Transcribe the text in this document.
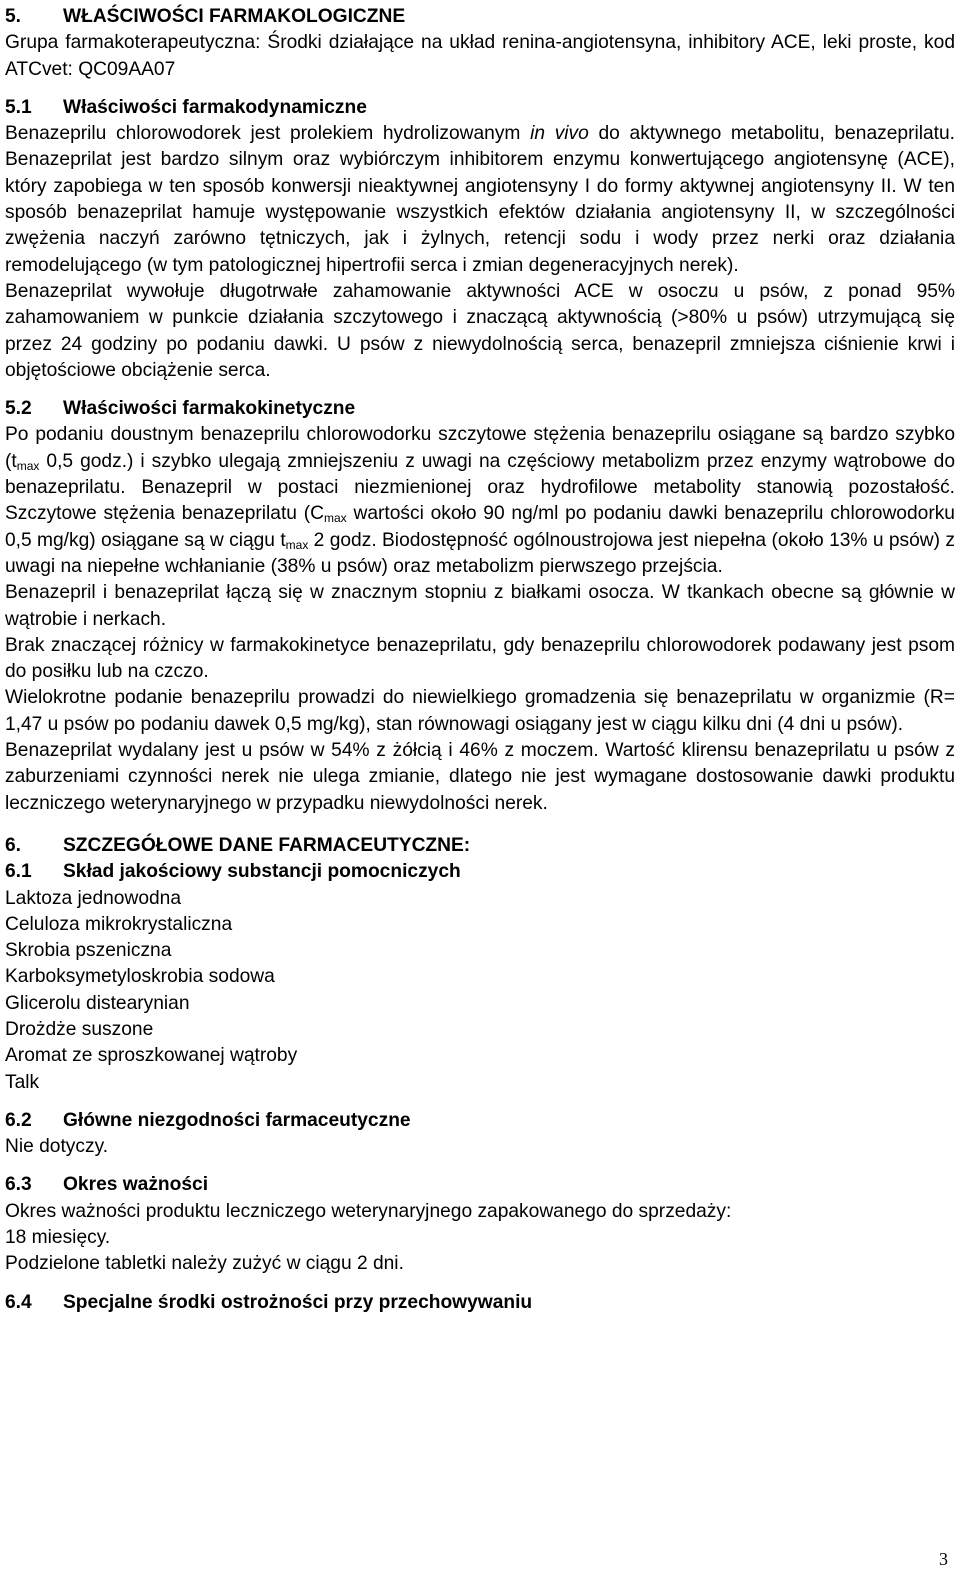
5. WŁAŚCIWOŚCI FARMAKOLOGICZNE

Grupa farmakoterapeutyczna: Środki działające na układ renina-angiotensyna, inhibitory ACE, leki proste, kod ATCvet: QC09AA07

5.1 Właściwości farmakodynamiczne

Benazeprilu chlorowodorek jest prolekiem hydrolizowanym in vivo do aktywnego metabolitu, benazeprilatu. Benazeprilat jest bardzo silnym oraz wybiórczym inhibitorem enzymu konwertującego angiotensynę (ACE), który zapobiega w ten sposób konwersji nieaktywnej angiotensyny I do formy aktywnej angiotensyny II. W ten sposób benazeprilat hamuje występowanie wszystkich efektów działania angiotensyny II, w szczególności zwężenia naczyń zarówno tętniczych, jak i żylnych, retencji sodu i wody przez nerki oraz działania remodelującego (w tym patologicznej hipertrofii serca i zmian degeneracyjnych nerek).

Benazeprilat wywołuje długotrwałe zahamowanie aktywności ACE w osoczu u psów, z ponad 95% zahamowaniem w punkcie działania szczytowego i znaczącą aktywnością (>80% u psów) utrzymującą się przez 24 godziny po podaniu dawki. U psów z niewydolnością serca, benazepril zmniejsza ciśnienie krwi i objętościowe obciążenie serca.

5.2 Właściwości farmakokinetyczne

Po podaniu doustnym benazeprilu chlorowodorku szczytowe stężenia benazeprilu osiągane są bardzo szybko ($t_{max}$ 0,5 godz.) i szybko ulegają zmniejszeniu z uwagi na częściowy metabolizm przez enzymy wątrobowe do benazeprilatu. Benazepril w postaci niezmienionej oraz hydrofilowe metabolity stanowią pozostałość. Szczytowe stężenia benazeprilatu ($C_{max}$ wartości około 90 ng/ml po podaniu dawki benazeprilu chlorowodorku 0,5 mg/kg) osiągane są w ciągu $t_{max}$ 2 godz. Biodostępność ogólnoustrojowa jest niepełna (około 13% u psów) z uwagi na niepełne wchłanianie (38% u psów) oraz metabolizm pierwszego przejścia.

Benazepril i benazeprilat łączą się w znacznym stopniu z białkami osocza. W tkankach obecne są głównie w wątrobie i nerkach.

Brak znaczącej różnicy w farmakokinetyce benazeprilatu, gdy benazeprilu chlorowodorek podawany jest psom do posiłku lub na czczo.

Wielokrotne podanie benazeprilu prowadzi do niewielkiego gromadzenia się benazeprilatu w organizmie (R= 1,47 u psów po podaniu dawek 0,5 mg/kg), stan równowagi osiągany jest w ciągu kilku dni (4 dni u psów).

Benazeprilat wydalany jest u psów w 54% z żółcią i 46% z moczem. Wartość klirensu benazeprilatu u psów z zaburzeniami czynności nerek nie ulega zmianie, dlatego nie jest wymagane dostosowanie dawki produktu leczniczego weterynaryjnego w przypadku niewydolności nerek.

6. SZCZEGÓŁOWE DANE FARMACEUTYCZNE:
6.1 Skład jakościowy substancji pomocniczych
Laktoza jednowodna
Celuloza mikrokrystaliczna
Skrobia pszeniczna
Karboksymetyloskrobia sodowa
Glicerolu distearynian
Drożdże suszone
Aromat ze sproszkowanej wątroby
Talk
6.2 Główne niezgodności farmaceutyczne

Nie dotyczy.

6.3 Okres ważności
Okres ważności produktu leczniczego weterynaryjnego zapakowanego do sprzedaży:
18 miesięcy.
Podzielone tabletki należy zużyć w ciągu 2 dni.
6.4 Specjalne środki ostrożności przy przechowywaniu
3
